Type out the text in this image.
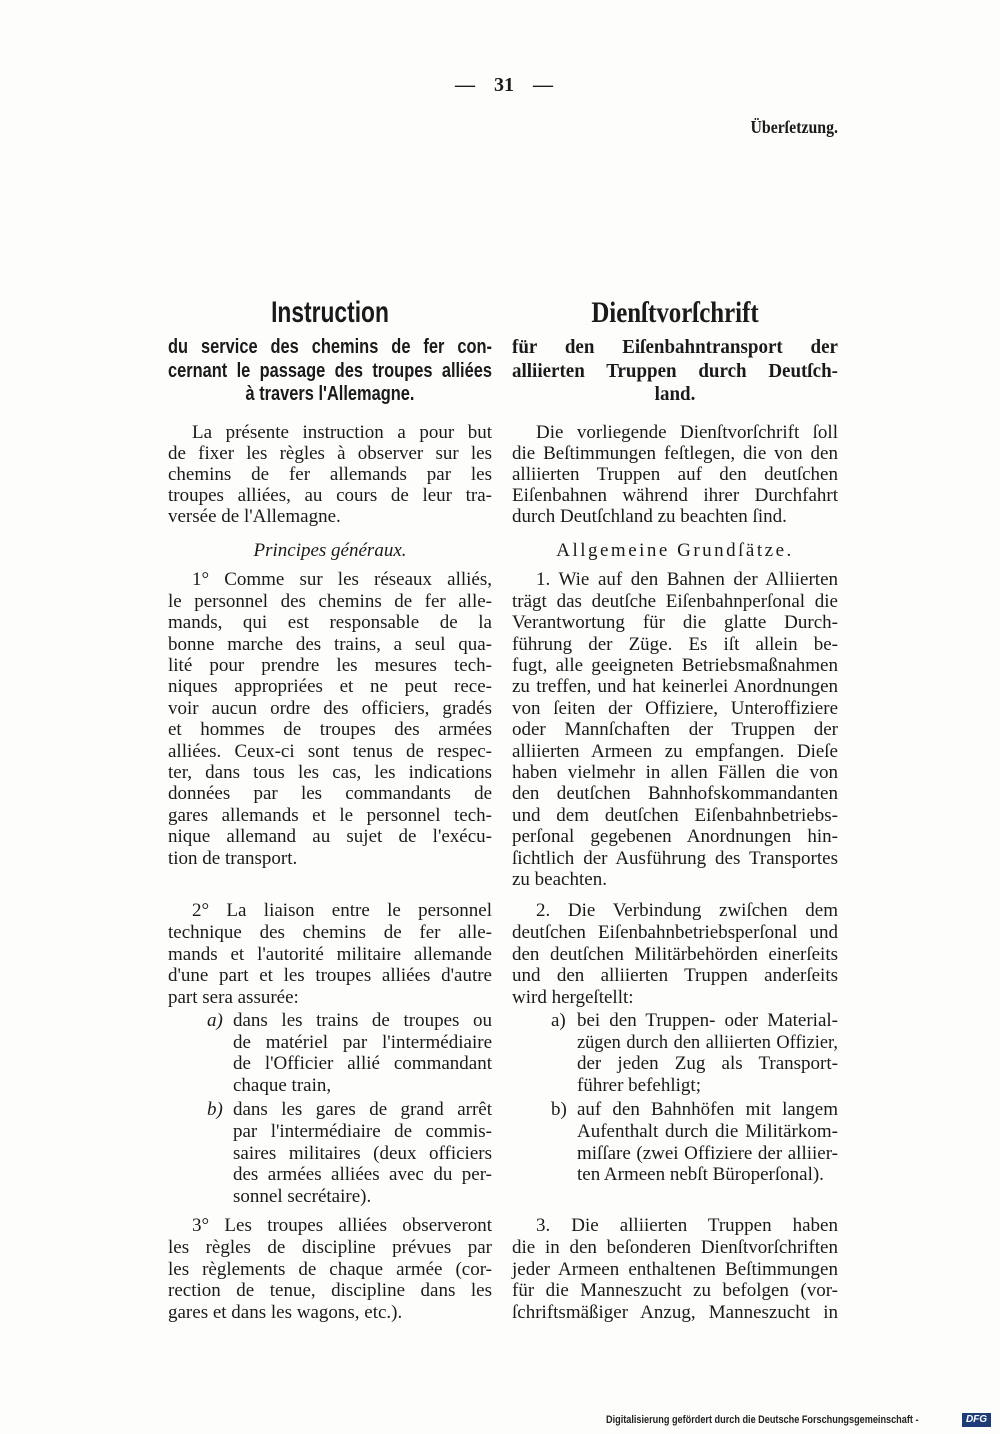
— 31 —
Überſetzung.
Instruction
du service des chemins de fer con-
cernant le passage des troupes alliées
à travers l'Allemagne.
La présente instruction a pour but
de fixer les règles à observer sur les
chemins de fer allemands par les
troupes alliées, au cours de leur tra-
versée de l'Allemagne.
Principes généraux.
1° Comme sur les réseaux alliés,
le personnel des chemins de fer alle-
mands, qui est responsable de la
bonne marche des trains, a seul qua-
lité pour prendre les mesures tech-
niques appropriées et ne peut rece-
voir aucun ordre des officiers, gradés
et hommes de troupes des armées
alliées. Ceux-ci sont tenus de respec-
ter, dans tous les cas, les indications
données par les commandants de
gares allemands et le personnel tech-
nique allemand au sujet de l'exécu-
tion de transport.
2° La liaison entre le personnel
technique des chemins de fer alle-
mands et l'autorité militaire allemande
d'une part et les troupes alliées d'autre
part sera assurée:
a) dans les trains de troupes ou
de matériel par l'intermédiaire
de l'Officier allié commandant
chaque train,
b) dans les gares de grand arrêt
par l'intermédiaire de commis-
saires militaires (deux officiers
des armées alliées avec du per-
sonnel secrétaire).
3° Les troupes alliées observeront
les règles de discipline prévues par
les règlements de chaque armée (cor-
rection de tenue, discipline dans les
gares et dans les wagons, etc.).
Dienſtvorſchrift
für den Eiſenbahntransport der
alliierten Truppen durch Deutſch-
land.
Die vorliegende Dienſtvorſchrift ſoll
die Beſtimmungen feſtlegen, die von den
alliierten Truppen auf den deutſchen
Eiſenbahnen während ihrer Durchfahrt
durch Deutſchland zu beachten ſind.
Allgemeine Grundſätze.
1. Wie auf den Bahnen der Alliierten
trägt das deutſche Eiſenbahnperſonal die
Verantwortung für die glatte Durch-
führung der Züge. Es iſt allein be-
fugt, alle geeigneten Betriebsmaßnahmen
zu treffen, und hat keinerlei Anordnungen
von ſeiten der Offiziere, Unteroffiziere
oder Mannſchaften der Truppen der
alliierten Armeen zu empfangen. Dieſe
haben vielmehr in allen Fällen die von
den deutſchen Bahnhofskommandanten
und dem deutſchen Eiſenbahnbetriebs-
perſonal gegebenen Anordnungen hin-
ſichtlich der Ausführung des Transportes
zu beachten.
2. Die Verbindung zwiſchen dem
deutſchen Eiſenbahnbetriebsperſonal und
den deutſchen Militärbehörden einerſeits
und den alliierten Truppen anderſeits
wird hergeſtellt:
a) bei den Truppen- oder Material-
zügen durch den alliierten Offizier,
der jeden Zug als Transport-
führer befehligt;
b) auf den Bahnhöfen mit langem
Aufenthalt durch die Militärkom-
miſſare (zwei Offiziere der alliier-
ten Armeen nebſt Büroperſonal).
3. Die alliierten Truppen haben
die in den beſonderen Dienſtvorſchriften
jeder Armeen enthaltenen Beſtimmungen
für die Manneszucht zu befolgen (vor-
ſchriftsmäßiger Anzug, Manneszucht in
Digitalisierung gefördert durch die Deutsche Forschungsgemeinschaft -	DFG
